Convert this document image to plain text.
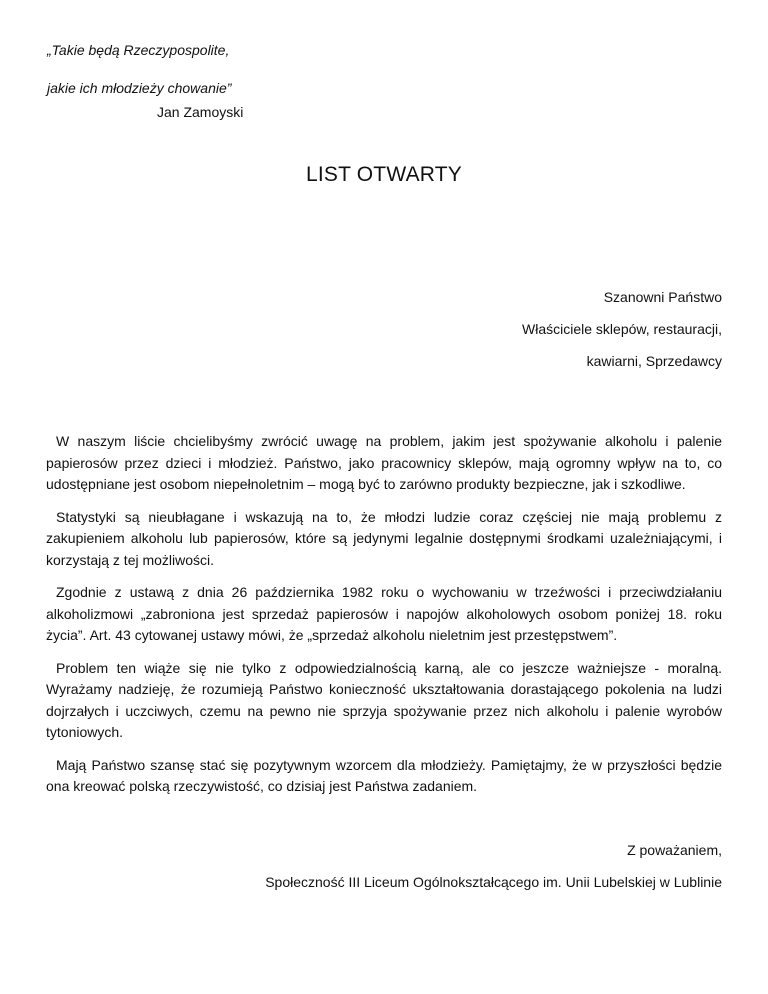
„Takie będą Rzeczypospolite,
jakie ich młodzieży chowanie”
Jan Zamoyski
LIST OTWARTY
Szanowni Państwo
Właściciele sklepów, restauracji,
kawiarni, Sprzedawcy

W naszym liście chcielibyśmy zwrócić uwagę na problem, jakim jest spożywanie alkoholu i palenie papierosów przez dzieci i młodzież. Państwo, jako pracownicy sklepów, mają ogromny wpływ na to, co udostępniane jest osobom niepełnoletnim – mogą być to zarówno produkty bezpieczne, jak i szkodliwe.

Statystyki są nieubłagane i wskazują na to, że młodzi ludzie coraz częściej nie mają problemu z zakupieniem alkoholu lub papierosów, które są jedynymi legalnie dostępnymi środkami uzależniającymi, i korzystają z tej możliwości.

Zgodnie z ustawą z dnia 26 października 1982 roku o wychowaniu w trzeźwości i przeciwdziałaniu alkoholizmowi „zabroniona jest sprzedaż papierosów i napojów alkoholowych osobom poniżej 18. roku życia”. Art. 43 cytowanej ustawy mówi, że „sprzedaż alkoholu nieletnim jest przestępstwem”.

Problem ten wiąże się nie tylko z odpowiedzialnością karną, ale co jeszcze ważniejsze - moralną. Wyrażamy nadzieję, że rozumieją Państwo konieczność ukształtowania dorastającego pokolenia na ludzi dojrzałych i uczciwych, czemu na pewno nie sprzyja spożywanie przez nich alkoholu i palenie wyrobów tytoniowych.

Mają Państwo szansę stać się pozytywnym wzorcem dla młodzieży. Pamiętajmy, że w przyszłości będzie ona kreować polską rzeczywistość, co dzisiaj jest Państwa zadaniem.

Z poważaniem,
Społeczność III Liceum Ogólnokształcącego im. Unii Lubelskiej w Lublinie
